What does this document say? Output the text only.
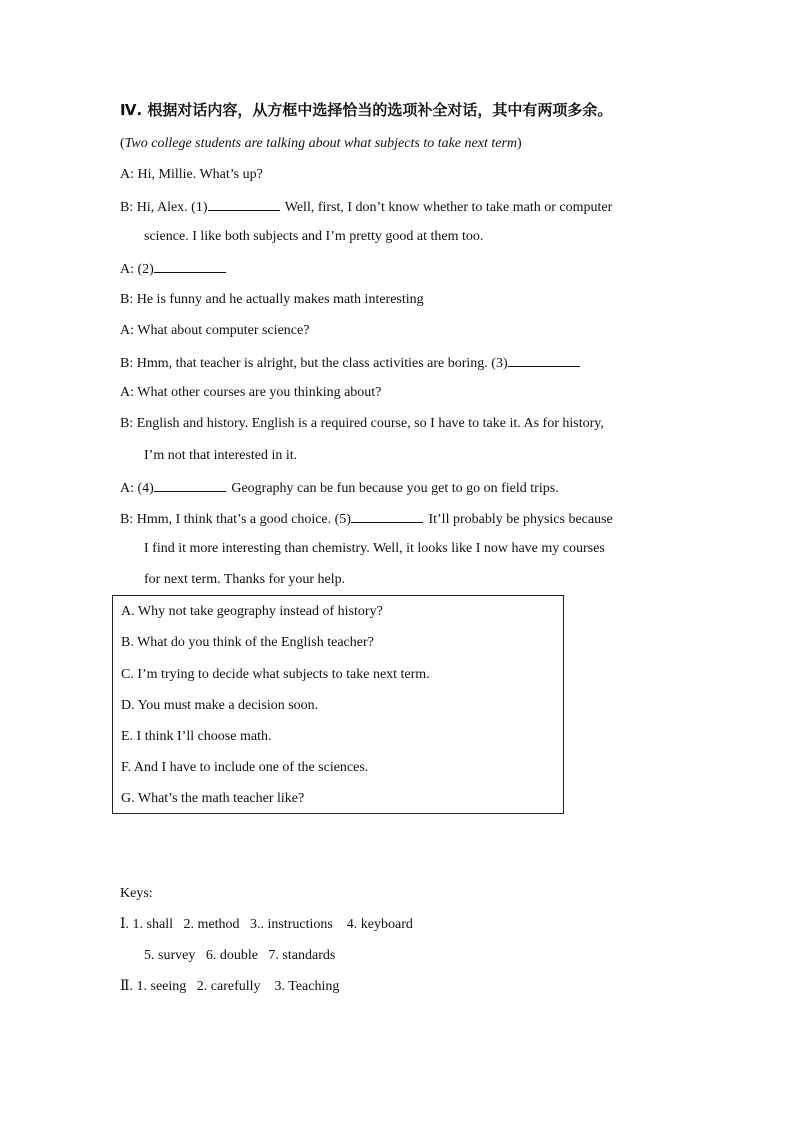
Ⅳ. 根据对话内容，从方框中选择恰当的选项补全对话，其中有两项多余。
(Two college students are talking about what subjects to take next term)
A: Hi, Millie. What’s up?
B: Hi, Alex. (1)	Well, first, I don’t know whether to take math or computer
science. I like both subjects and I’m pretty good at them too.
A: (2)
B: He is funny and he actually makes math interesting
A: What about computer science?
B: Hmm, that teacher is alright, but the class activities are boring. (3)
A: What other courses are you thinking about?
B: English and history. English is a required course, so I have to take it. As for history,
I’m not that interested in it.
A: (4)	Geography can be fun because you get to go on field trips.
B: Hmm, I think that’s a good choice. (5)	It’ll probably be physics because
I find it more interesting than chemistry. Well, it looks like I now have my courses
for next term. Thanks for your help.
A. Why not take geography instead of history?
B. What do you think of the English teacher?
C. I’m trying to decide what subjects to take next term.
D. You must make a decision soon.
E. I think I’ll choose math.
F. And I have to include one of the sciences.
G. What’s the math teacher like?
Keys:
Ⅰ. 1. shall   2. method   3.. instructions    4. keyboard
5. survey   6. double   7. standards
Ⅱ. 1. seeing   2. carefully    3. Teaching
